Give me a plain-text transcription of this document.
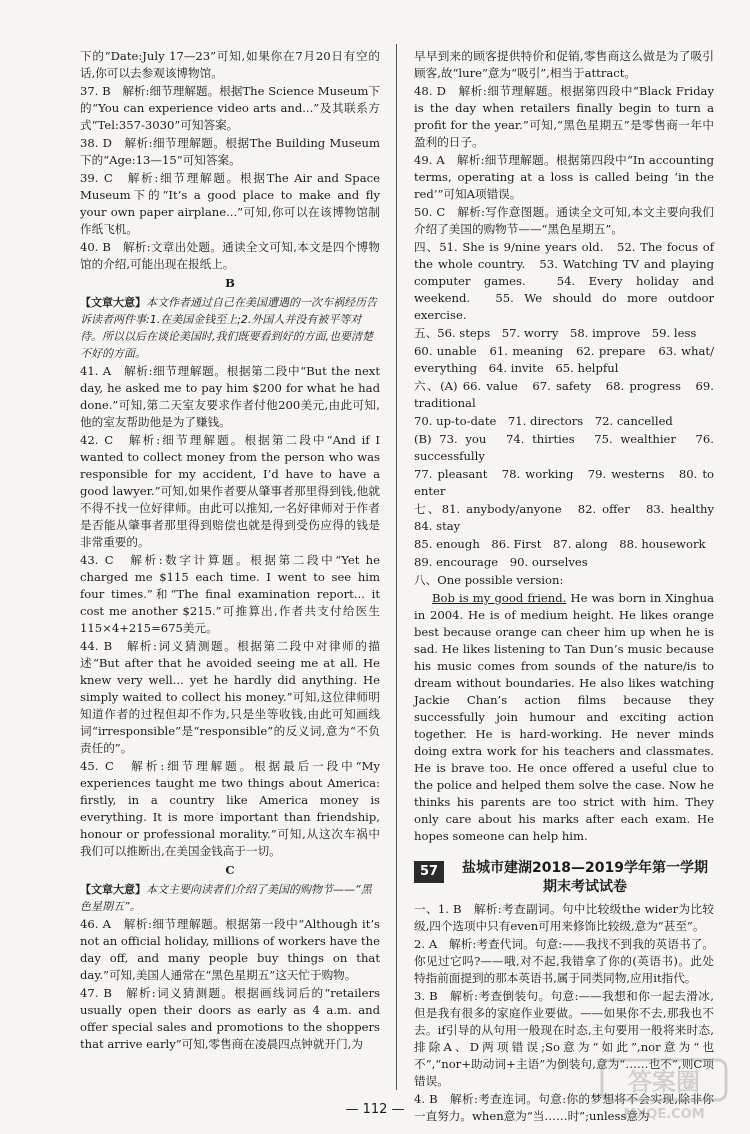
下的“Date:July 17—23”可知,如果你在7月20日有空的话,你可以去参观该博物馆。

37. B　解析:细节理解题。根据The Science Museum下的“You can experience video arts and...”及其联系方式“Tel:357-3030”可知答案。

38. D　解析:细节理解题。根据The Building Museum下的“Age:13—15”可知答案。

39. C　解析:细节理解题。根据The Air and Space Museum下的“It’s a good place to make and fly your own paper airplane...”可知,你可以在该博物馆制作纸飞机。

40. B　解析:文章出处题。通读全文可知,本文是四个博物馆的介绍,可能出现在报纸上。

B

【文章大意】本文作者通过自己在美国遭遇的一次车祸经历告诉读者两件事:1.在美国金钱至上;2.外国人并没有被平等对待。所以以后在谈论美国时,我们既要看到好的方面,也要清楚不好的方面。

41. A　解析:细节理解题。根据第二段中“But the next day, he asked me to pay him $200 for what he had done.”可知,第二天室友要求作者付他200美元,由此可知,他的室友帮助他是为了赚钱。

42. C　解析:细节理解题。根据第二段中“And if I wanted to collect money from the person who was responsible for my accident, I’d have to have a good lawyer.”可知,如果作者要从肇事者那里得到钱,他就不得不找一位好律师。由此可以推知,一名好律师对于作者是否能从肇事者那里得到赔偿也就是得到受伤应得的钱是非常重要的。

43. C　解析:数字计算题。根据第二段中“Yet he charged me $115 each time. I went to see him four times.”和“The final examination report... it cost me another $215.”可推算出,作者共支付给医生115×4+215=675美元。

44. B　解析:词义猜测题。根据第二段中对律师的描述“But after that he avoided seeing me at all. He knew very well... yet he hardly did anything. He simply waited to collect his money.”可知,这位律师明知道作者的过程但却不作为,只是坐等收钱,由此可知画线词“irresponsible”是“responsible”的反义词,意为“不负责任的”。

45. C　解析:细节理解题。根据最后一段中“My experiences taught me two things about America: firstly, in a country like America money is everything. It is more important than friendship, honour or professional morality.”可知,从这次车祸中我们可以推断出,在美国金钱高于一切。

C

【文章大意】本文主要向读者们介绍了美国的购物节——“黑色星期五”。

46. A　解析:细节理解题。根据第一段中“Although it’s not an official holiday, millions of workers have the day off, and many people buy things on that day.”可知,美国人通常在“黑色星期五”这天忙于购物。

47. B　解析:词义猜测题。根据画线词后的“retailers usually open their doors as early as 4 a.m. and offer special sales and promotions to the shoppers that arrive early”可知,零售商在凌晨四点钟就开门,为

早早到来的顾客提供特价和促销,零售商这么做是为了吸引顾客,故“lure”意为“吸引”,相当于attract。

48. D　解析:细节理解题。根据第四段中“Black Friday is the day when retailers finally begin to turn a profit for the year.”可知,“黑色星期五”是零售商一年中盈利的日子。

49. A　解析:细节理解题。根据第四段中“In accounting terms, operating at a loss is called being ‘in the red’”可知A项错误。

50. C　解析:写作意图题。通读全文可知,本文主要向我们介绍了美国的购物节——“黑色星期五”。

四、51. She is 9/nine years old.　52. The focus of the whole country.　53. Watching TV and playing computer games.　54. Every holiday and weekend.　55. We should do more outdoor exercise.

五、56. steps　57. worry　58. improve　59. less

60. unable　61. meaning　62. prepare　63. what/ everything　64. invite　65. helpful

六、(A) 66. value　67. safety　68. progress　69. traditional

70. up-to-date　71. directors　72. cancelled

(B) 73. you　74. thirties　75. wealthier　76. successfully

77. pleasant　78. working　79. westerns　80. to enter

七、81. anybody/anyone　82. offer　83. healthy　84. stay

85. enough　86. First　87. along　88. housework

89. encourage　90. ourselves

八、One possible version:

Bob is my good friend. He was born in Xinghua in 2004. He is of medium height. He likes orange best because orange can cheer him up when he is sad. He likes listening to Tan Dun’s music because his music comes from sounds of the nature/is to dream without boundaries. He also likes watching Jackie Chan’s action films because they successfully join humour and exciting action together. He is hard-working. He never minds doing extra work for his teachers and classmates. He is brave too. He once offered a useful clue to the police and helped them solve the case. Now he thinks his parents are too strict with him. They only care about his marks after each exam. He hopes someone can help him.

57	盐城市建湖2018—2019学年第一学期期末考试试卷

一、1. B　解析:考查副词。句中比较级the wider为比较级,四个选项中只有even可用来修饰比较级,意为“甚至”。

2. A　解析:考查代词。句意:——我找不到我的英语书了。你见过它吗?——哦,对不起,我错拿了你的(英语书)。此处特指前面提到的那本英语书,属于同类同物,应用it指代。

3. B　解析:考查倒装句。句意:——我想和你一起去滑冰,但是我有很多的家庭作业要做。——如果你不去,那我也不去。if引导的从句用一般现在时态,主句要用一般将来时态,排除A、D两项错误;So意为“如此”,nor意为“也不”,“nor+助动词+主语”为倒装句,意为“……也不”,则C项错误。

4. B　解析:考查连词。句意:你的梦想将不会实现,除非你一直努力。when意为“当……时”;unless意为

— 112 —
答案圈
MXQE.COM
